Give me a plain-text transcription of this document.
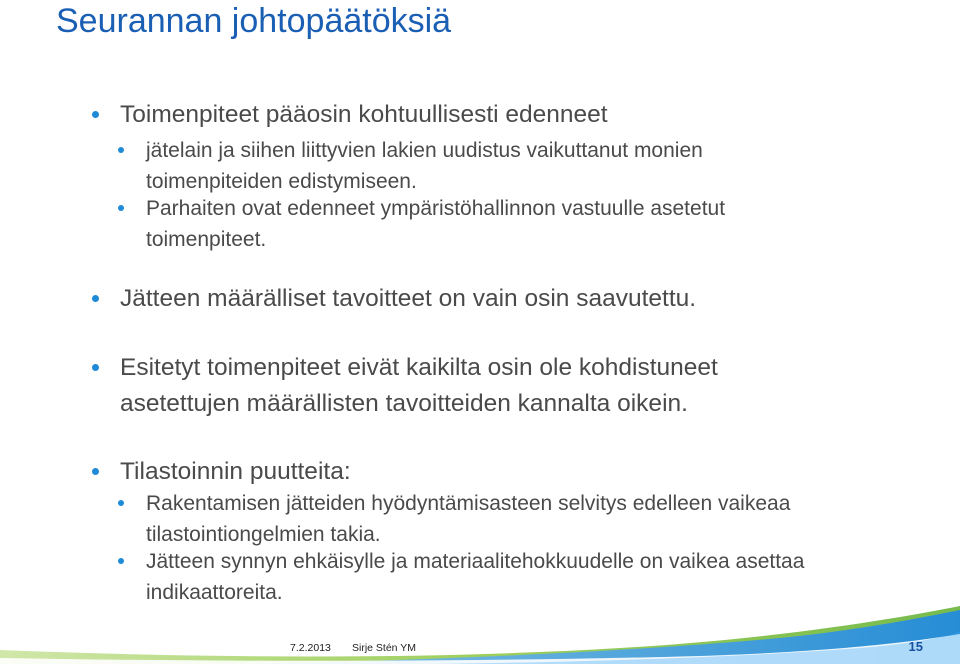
Seurannan johtopäätöksiä
Toimenpiteet pääosin kohtuullisesti edenneet
jätelain ja siihen liittyvien lakien uudistus vaikuttanut monien
toimenpiteiden edistymiseen.
Parhaiten ovat edenneet ympäristöhallinnon vastuulle asetetut
toimenpiteet.
Jätteen määrälliset tavoitteet on vain osin saavutettu.
Esitetyt toimenpiteet eivät kaikilta osin ole kohdistuneet
asetettujen määrällisten tavoitteiden kannalta oikein.
Tilastoinnin puutteita:
Rakentamisen jätteiden hyödyntämisasteen selvitys edelleen vaikeaa
tilastointiongelmien takia.
Jätteen synnyn ehkäisylle ja materiaalitehokkuudelle on vaikea asettaa
indikaattoreita.
7.2.2013 Sirje Stén YM	15
